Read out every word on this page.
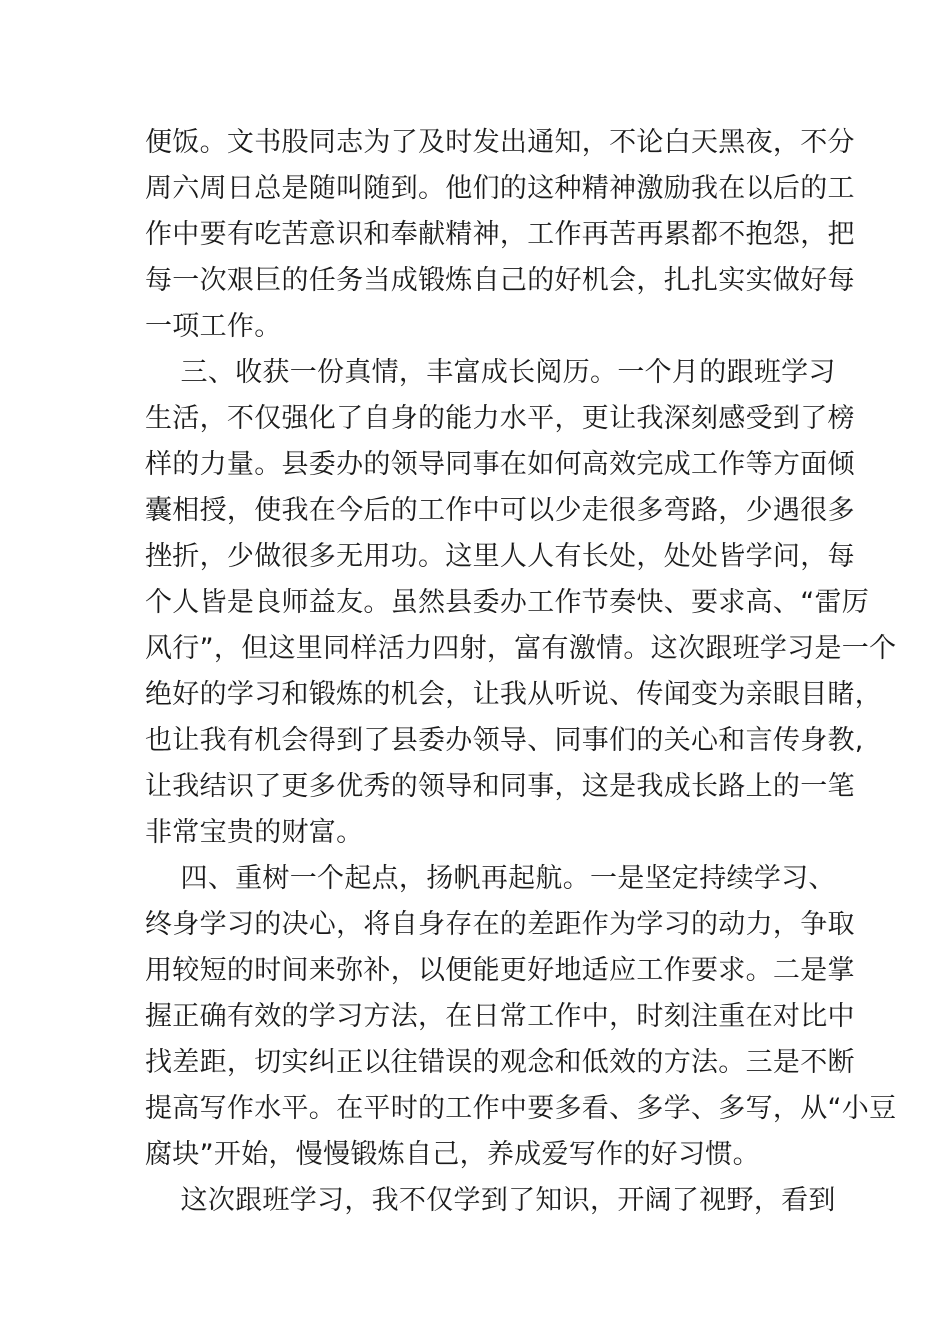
便饭。文书股同志为了及时发出通知，不论白天黑夜，不分
周六周日总是随叫随到。他们的这种精神激励我在以后的工
作中要有吃苦意识和奉献精神，工作再苦再累都不抱怨，把
每一次艰巨的任务当成锻炼自己的好机会，扎扎实实做好每
一项工作。
三、收获一份真情，丰富成长阅历。一个月的跟班学习
生活，不仅强化了自身的能力水平，更让我深刻感受到了榜
样的力量。县委办的领导同事在如何高效完成工作等方面倾
囊相授，使我在今后的工作中可以少走很多弯路，少遇很多
挫折，少做很多无用功。这里人人有长处，处处皆学问，每
个人皆是良师益友。虽然县委办工作节奏快、要求高、“雷厉
风行”，但这里同样活力四射，富有激情。这次跟班学习是一个
绝好的学习和锻炼的机会，让我从听说、传闻变为亲眼目睹，
也让我有机会得到了县委办领导、同事们的关心和言传身教,
让我结识了更多优秀的领导和同事，这是我成长路上的一笔
非常宝贵的财富。
四、重树一个起点，扬帆再起航。一是坚定持续学习、
终身学习的决心，将自身存在的差距作为学习的动力，争取
用较短的时间来弥补，以便能更好地适应工作要求。二是掌
握正确有效的学习方法，在日常工作中，时刻注重在对比中
找差距，切实纠正以往错误的观念和低效的方法。三是不断
提高写作水平。在平时的工作中要多看、多学、多写，从“小豆
腐块”开始，慢慢锻炼自己，养成爱写作的好习惯。
这次跟班学习，我不仅学到了知识，开阔了视野，看到
